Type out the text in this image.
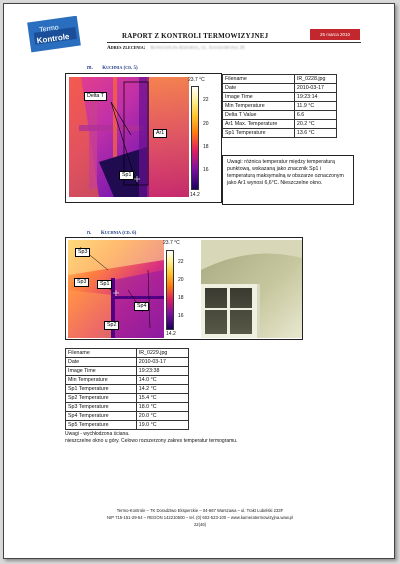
Termo
Kontrole	RAPORT Z KONTROLI TERMOWIZYJNEJ	25 marca 2010
Adres zlecenia: Konstancin-Jeziorna, ul. Sanatoryjna 20
m. Kuchnia (cd. 5)
Delta T
Ar1
Sp1
23.7 °C
22
20
18
16
14.2
Filename	IR_0228.jpg
Date	2010-03-17
Image Time	19:23:14
Min Temperature	11.9 °C
Delta T Value	6.6
Ar1 Max. Temperature	20.2 °C
Sp1 Temperature	13.6 °C
Uwagi: różnica temperatur między temperaturą punktową, wskazaną jako znacznik Sp1 i temperaturą maksymalną w obszarze oznaczonym jako Ar1 wynosi 6,6°C. Nieszczelne okno.
n. Kuchnia (cd. 6)
Sp3
Sp3	Sp1
Sp4
Sp2
23.7 °C
22
20
18
16
14.2
Filename	IR_0229.jpg
Date	2010-03-17
Image Time	19:23:38
Min Temperature	14.0 °C
Sp1 Temperature	14.2 °C
Sp2 Temperature	15.4 °C
Sp3 Temperature	18.0 °C
Sp4 Temperature	20.0 °C
Sp5 Temperature	19.0 °C
Uwagi - wychłodzona ściana.
nieszczelne okno u góry. Celowo rozszerzony zakres temperatur termogramu.
Termo-Kontrole – TK Doradztwo Eksperckie – 04-667 Warszawa – ul. Trakt Lubelski 233F
NIP 715-151-29-54 – REGON 142210500 – tel. (0) 602-523-100 – www.kameratermowizyjna.waw.pl
22(46)
